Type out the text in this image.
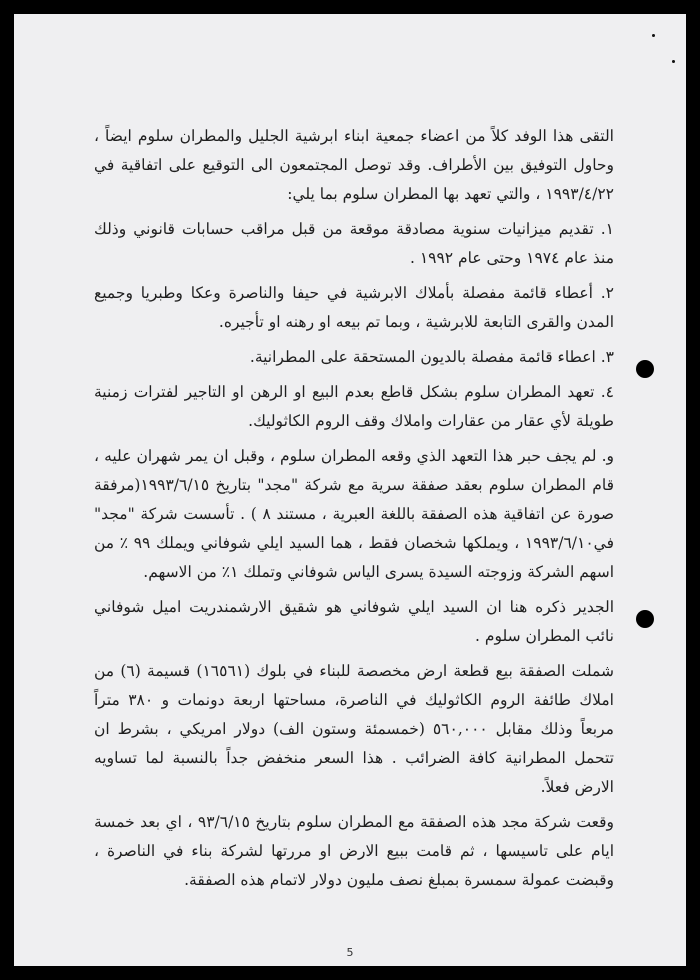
التقى هذا الوفد كلاً من اعضاء جمعية ابناء ابرشية الجليل والمطران سلوم ايضاً ، وحاول التوفيق بين الأطراف. وقد توصل المجتمعون الى التوقيع على اتفاقية في ١٩٩٣/٤/٢٢ ، والتي تعهد بها المطران سلوم بما يلي:

١. تقديم ميزانيات سنوية مصادقة موقعة من قبل مراقب حسابات قانوني وذلك منذ عام ١٩٧٤ وحتى عام ١٩٩٢ .

٢. أعطاء قائمة مفصلة بأملاك الابرشية في حيفا والناصرة وعكا وطبريا وجميع المدن والقرى التابعة للابرشية ، وبما تم بيعه او رهنه او تأجيره.

٣. اعطاء قائمة مفصلة بالديون المستحقة على المطرانية.

٤. تعهد المطران سلوم بشكل قاطع بعدم البيع او الرهن او التاجير لفترات زمنية طويلة لأي عقار من عقارات واملاك وقف الروم الكاثوليك.

و. لم يجف حبر هذا التعهد الذي وقعه المطران سلوم ، وقبل ان يمر شهران عليه ، قام المطران سلوم بعقد صفقة سرية مع شركة "مجد" بتاريخ ١٩٩٣/٦/١٥(مرفقة صورة عن اتفاقية هذه الصفقة باللغة العبرية ، مستند ٨ ) . تأسست شركة "مجد" في١٩٩٣/٦/١٠ ، ويملكها شخصان فقط ، هما السيد ايلي شوفاني ويملك ٩٩ ٪ من اسهم الشركة وزوجته السيدة يسرى الياس شوفاني وتملك ١٪ من الاسهم.

الجدير ذكره هنا ان السيد ايلي شوفاني هو شقيق الارشمندريت اميل شوفاني نائب المطران سلوم .

شملت الصفقة بيع قطعة ارض مخصصة للبناء في بلوك (١٦٥٦١) قسيمة (٦) من املاك طائفة الروم الكاثوليك في الناصرة، مساحتها اربعة دونمات و ٣٨٠ متراً مربعاً وذلك مقابل ٥٦٠,٠٠٠ (خمسمئة وستون الف) دولار امريكي ، بشرط ان تتحمل المطرانية كافة الضرائب . هذا السعر منخفض جداً بالنسبة لما تساويه الارض فعلاً.

وقعت شركة مجد هذه الصفقة مع المطران سلوم بتاريخ ٩٣/٦/١٥ ، اي بعد خمسة ايام على تاسيسها ، ثم قامت ببيع الارض او مررتها لشركة بناء في الناصرة ، وقبضت عمولة سمسرة بمبلغ نصف مليون دولار لاتمام هذه الصفقة.

5
